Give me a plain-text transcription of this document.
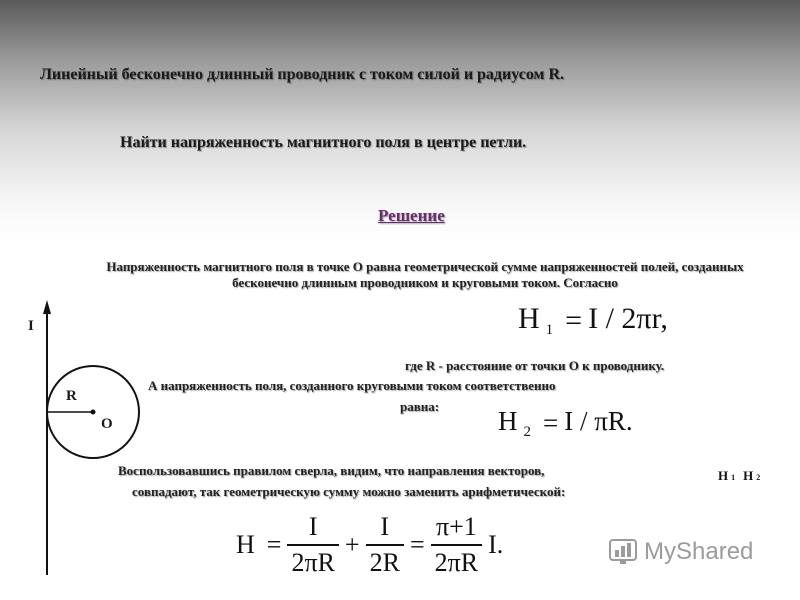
Линейный бесконечно длинный проводник с током силой и радиусом R.
Найти напряженность магнитного поля в центре петли.
Решение
Напряженность магнитного поля в точке О равна геометрической сумме напряженностей полей, созданных бесконечно длинным проводником и круговыми током. Согласно
H $_1$ = I / 2πr,
где R - расстояние от точки О к проводнику.
А напряженность поля, созданного круговыми током соответственно
равна: H $_2$ = I / πR.
Воспользовавшись правилом сверла, видим, что направления векторов,
совпадают, так геометрическую сумму можно заменить арифметической:
H 1 H 2
$H = \frac{I}{2\pi R} + \frac{I}{2R} = \frac{\pi+1}{2\pi R} I$.
I
R
O
MyShared
